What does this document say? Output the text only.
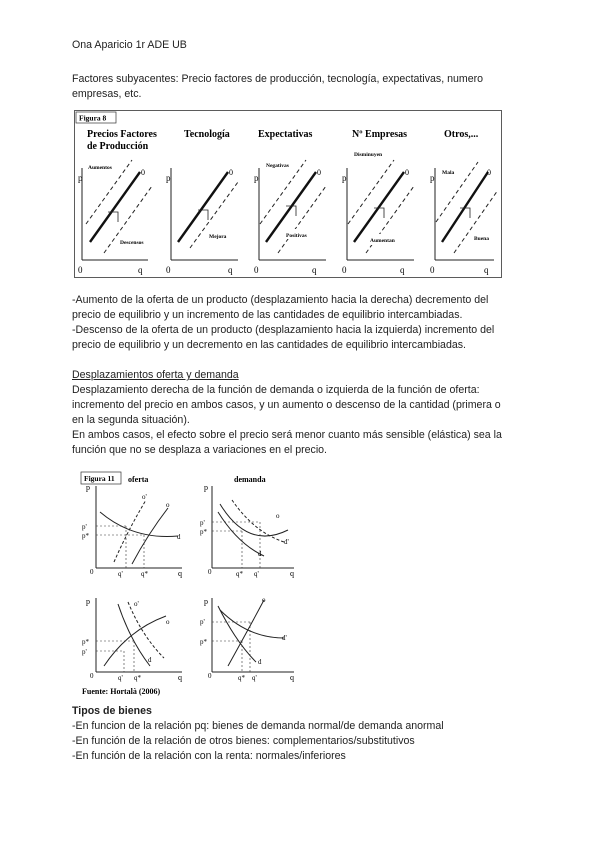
Ona Aparicio 1r ADE UB
Factores subyacentes: Precio factores de producción, tecnología, expectativas, numero
empresas, etc.
Figura 8
Precios Factores
de Producción
p
0	q
0
Aumentos
Descensos
Tecnología
p
0	q
0
Mejora
Expectativas
p
0	q
0
Negativas
Positivas
Nº Empresas
p
0	q
0
Disminuyen
Aumentan
Otros,...
p
0	q
0
Mala
Buena
-Aumento de la oferta de un producto (desplazamiento hacia la derecha) decremento del
precio de equilibrio y un incremento de las cantidades de equilibrio intercambiadas.
-Descenso de la oferta de un producto (desplazamiento hacia la izquierda) incremento del
precio de equilibrio y un decremento en las cantidades de equilibrio intercambiadas.
Desplazamientos oferta y demanda
Desplazamiento derecha de la función de demanda o izquierda de la función de oferta:
incremento del precio en ambos casos, y un aumento o descenso de la cantidad (primera o
en la segunda situación).
En ambos casos, el efecto sobre el precio será menor cuanto más sensible (elástica) sea la
función que no se desplaza a variaciones en el precio.
Figura 11 oferta	demanda
p
p'
p*
0	q'	q*	q
o'
o
d
p
p'
p*
0	q* q'	q
o
d'
d
p
p*
p'
0	q' q*	q
o'
o
d
p
p'
p*
0	q* q'	q
o
d'
d
Fuente: Hortalà (2006)
Tipos de bienes
-En funcion de la relación pq: bienes de demanda normal/de demanda anormal
-En función de la relación de otros bienes: complementarios/substitutivos
-En función de la relación con la renta: normales/inferiores
